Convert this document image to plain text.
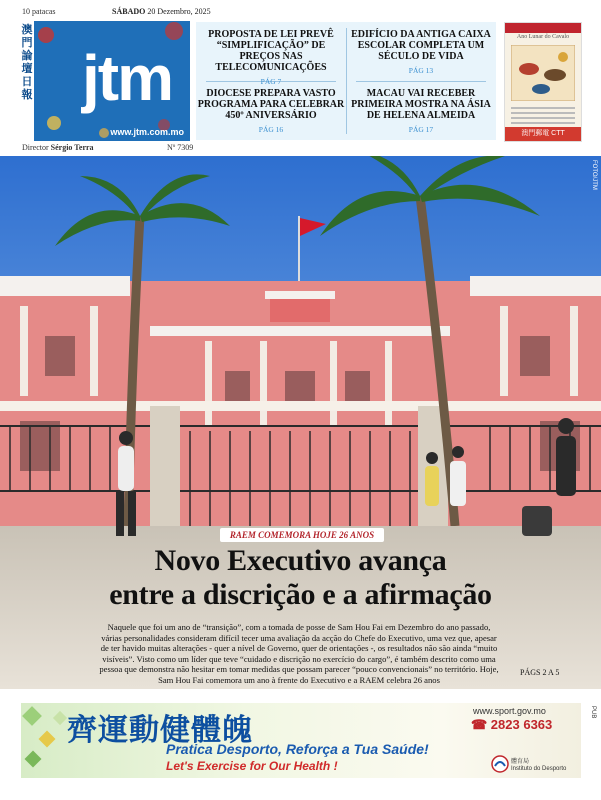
10 patacas	SÁBADO 20 Dezembro, 2025
澳門論壇日報 jtm
www.jtm.com.mo
Director Sérgio Terra	Nº 7309
PROPOSTA DE LEI PREVÊ “SIMPLIFICAÇÃO” DE PREÇOS NAS TELECOMUNICAÇÕES
PÁG 7
EDIFÍCIO DA ANTIGA CAIXA ESCOLAR COMPLETA UM SÉCULO DE VIDA
PÁG 13
DIOCESE PREPARA VASTO PROGRAMA PARA CELEBRAR 450º ANIVERSÁRIO
PÁG 16
MACAU VAI RECEBER PRIMEIRA MOSTRA NA ÁSIA DE HELENA ALMEIDA
PÁG 17
Ano Lunar do Cavalo
澳門郵電 CTT
FOTO/JTM
RAEM COMEMORA HOJE 26 ANOS
Novo Executivo avança
entre a discrição e a afirmação
Naquele que foi um ano de “transição”, com a tomada de posse de Sam Hou Fai em Dezembro do ano passado, várias personalidades consideram difícil tecer uma avaliação da acção do Chefe do Executivo, uma vez que, apesar de ter havido muitas alterações - quer a nível de Governo, quer de orientações -, os resultados não são ainda “muito visíveis”. Visto como um líder que teve “cuidado e discrição no exercício do cargo”, é também descrito como uma pessoa que demonstra não hesitar em tomar medidas que possam parecer “pouco convencionais” no território. Hoje, Sam Hou Fai comemora um ano à frente do Executivo e a RAEM celebra 26 anos
PÁGS 2 A 5
齊運動健體魄
Pratica Desporto, Reforça a Tua Saúde!
Let's Exercise for Our Health !
www.sport.gov.mo
☎ 2823 6363
體育局
Instituto do Desporto
PUB
